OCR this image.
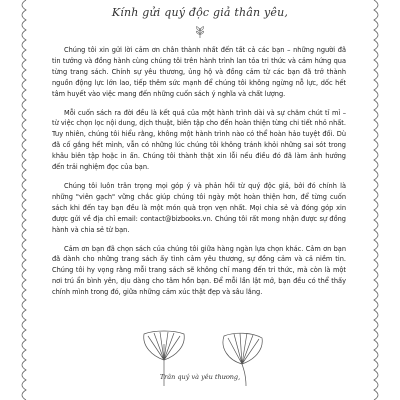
Kính gửi quý độc giả thân yêu,

Chúng tôi xin gửi lời cảm ơn chân thành nhất đến tất cả các bạn – những người đã tin tưởng và đồng hành cùng chúng tôi trên hành trình lan tỏa tri thức và cảm hứng qua từng trang sách. Chính sự yêu thương, ủng hộ và đồng cảm từ các bạn đã trở thành nguồn động lực lớn lao, tiếp thêm sức mạnh để chúng tôi không ngừng nỗ lực, dốc hết tâm huyết vào việc mang đến những cuốn sách ý nghĩa và chất lượng.

Mỗi cuốn sách ra đời đều là kết quả của một hành trình dài và sự chăm chút tỉ mỉ – từ việc chọn lọc nội dung, dịch thuật, biên tập cho đến hoàn thiện từng chi tiết nhỏ nhất. Tuy nhiên, chúng tôi hiểu rằng, không một hành trình nào có thể hoàn hảo tuyệt đối. Dù đã cố gắng hết mình, vẫn có những lúc chúng tôi không tránh khỏi những sai sót trong khâu biên tập hoặc in ấn. Chúng tôi thành thật xin lỗi nếu điều đó đã làm ảnh hưởng đến trải nghiệm đọc của bạn.

Chúng tôi luôn trân trọng mọi góp ý và phản hồi từ quý độc giả, bởi đó chính là những "viên gạch" vững chắc giúp chúng tôi ngày một hoàn thiện hơn, để từng cuốn sách khi đến tay bạn đều là một món quà trọn vẹn nhất. Mọi chia sẻ và đóng góp xin được gửi về địa chỉ email: contact@bizbooks.vn. Chúng tôi rất mong nhận được sự đồng hành và chia sẻ từ bạn.

Cảm ơn bạn đã chọn sách của chúng tôi giữa hàng ngàn lựa chọn khác. Cảm ơn bạn đã dành cho những trang sách ấy tình cảm yêu thương, sự đồng cảm và cả niềm tin. Chúng tôi hy vọng rằng mỗi trang sách sẽ không chỉ mang đến tri thức, mà còn là một nơi trú ẩn bình yên, dịu dàng cho tâm hồn bạn. Để mỗi lần lật mở, bạn đều có thể thấy chính mình trong đó, giữa những cảm xúc thật đẹp và sâu lắng.

Trân quý và yêu thương,
